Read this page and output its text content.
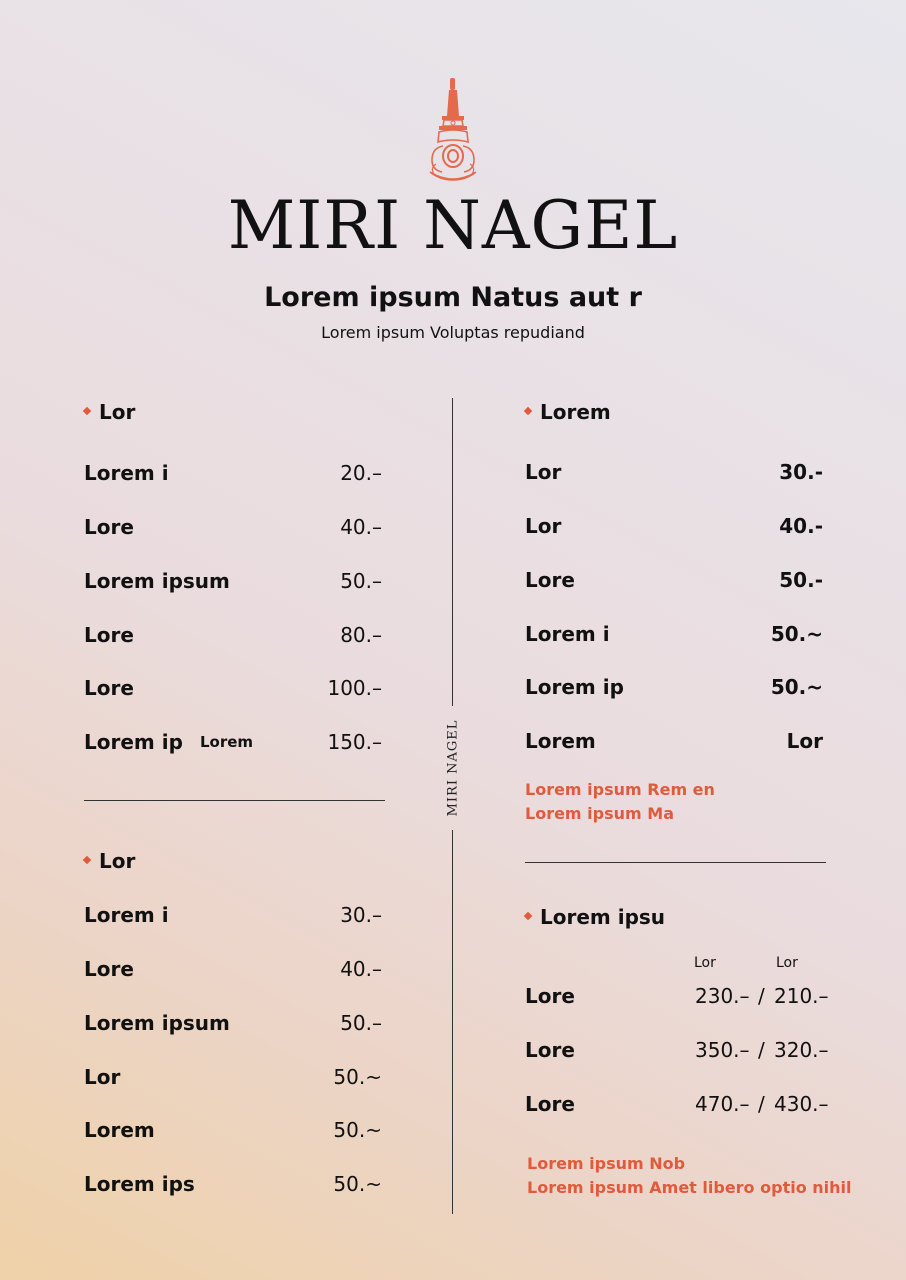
MIRI NAGEL
Lorem ipsum Natus aut r
Lorem ipsum Voluptas repudiand
MIRI NAGEL
Lor
Lorem i	20.–
Lore	40.–
Lorem ipsum	50.–
Lore	80.–
Lore	100.–
Lorem ip Lorem	150.–
Lor
Lorem i	30.–
Lore	40.–
Lorem ipsum	50.–
Lor	50.~
Lorem	50.~
Lorem ips	50.~
Lorem
Lor	30.-
Lor	40.-
Lore	50.-
Lorem i	50.~
Lorem ip	50.~
Lorem	Lor
Lorem ipsum Rem en
Lorem ipsum Ma
Lorem ipsu
Lor	Lor
Lore	230.– / 210.–
Lore	350.– / 320.–
Lore	470.– / 430.–
Lorem ipsum Nob
Lorem ipsum Amet libero optio nihil
